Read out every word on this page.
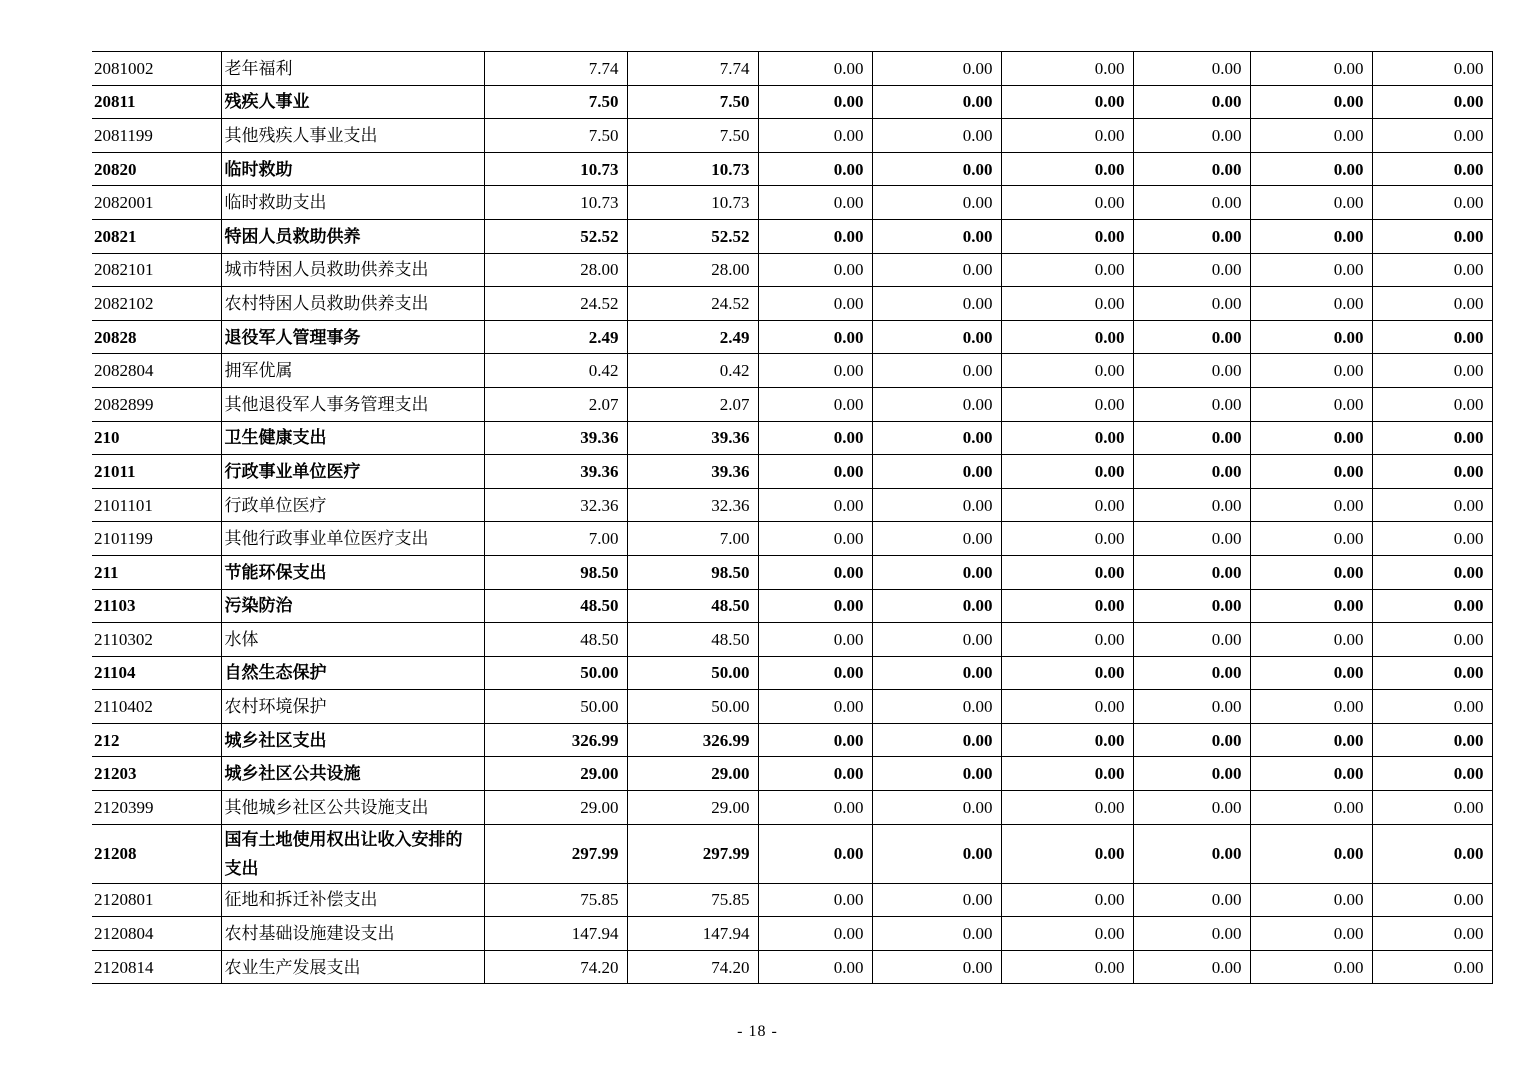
2081002	老年福利	7.74	7.74	0.00	0.00	0.00	0.00	0.00	0.00
20811	残疾人事业	7.50	7.50	0.00	0.00	0.00	0.00	0.00	0.00
2081199	其他残疾人事业支出	7.50	7.50	0.00	0.00	0.00	0.00	0.00	0.00
20820	临时救助	10.73	10.73	0.00	0.00	0.00	0.00	0.00	0.00
2082001	临时救助支出	10.73	10.73	0.00	0.00	0.00	0.00	0.00	0.00
20821	特困人员救助供养	52.52	52.52	0.00	0.00	0.00	0.00	0.00	0.00
2082101	城市特困人员救助供养支出	28.00	28.00	0.00	0.00	0.00	0.00	0.00	0.00
2082102	农村特困人员救助供养支出	24.52	24.52	0.00	0.00	0.00	0.00	0.00	0.00
20828	退役军人管理事务	2.49	2.49	0.00	0.00	0.00	0.00	0.00	0.00
2082804	拥军优属	0.42	0.42	0.00	0.00	0.00	0.00	0.00	0.00
2082899	其他退役军人事务管理支出	2.07	2.07	0.00	0.00	0.00	0.00	0.00	0.00
210	卫生健康支出	39.36	39.36	0.00	0.00	0.00	0.00	0.00	0.00
21011	行政事业单位医疗	39.36	39.36	0.00	0.00	0.00	0.00	0.00	0.00
2101101	行政单位医疗	32.36	32.36	0.00	0.00	0.00	0.00	0.00	0.00
2101199	其他行政事业单位医疗支出	7.00	7.00	0.00	0.00	0.00	0.00	0.00	0.00
211	节能环保支出	98.50	98.50	0.00	0.00	0.00	0.00	0.00	0.00
21103	污染防治	48.50	48.50	0.00	0.00	0.00	0.00	0.00	0.00
2110302	水体	48.50	48.50	0.00	0.00	0.00	0.00	0.00	0.00
21104	自然生态保护	50.00	50.00	0.00	0.00	0.00	0.00	0.00	0.00
2110402	农村环境保护	50.00	50.00	0.00	0.00	0.00	0.00	0.00	0.00
212	城乡社区支出	326.99	326.99	0.00	0.00	0.00	0.00	0.00	0.00
21203	城乡社区公共设施	29.00	29.00	0.00	0.00	0.00	0.00	0.00	0.00
2120399	其他城乡社区公共设施支出	29.00	29.00	0.00	0.00	0.00	0.00	0.00	0.00
21208	国有土地使用权出让收入安排的支出	297.99	297.99	0.00	0.00	0.00	0.00	0.00	0.00
2120801	征地和拆迁补偿支出	75.85	75.85	0.00	0.00	0.00	0.00	0.00	0.00
2120804	农村基础设施建设支出	147.94	147.94	0.00	0.00	0.00	0.00	0.00	0.00
2120814	农业生产发展支出	74.20	74.20	0.00	0.00	0.00	0.00	0.00	0.00
- 18 -
